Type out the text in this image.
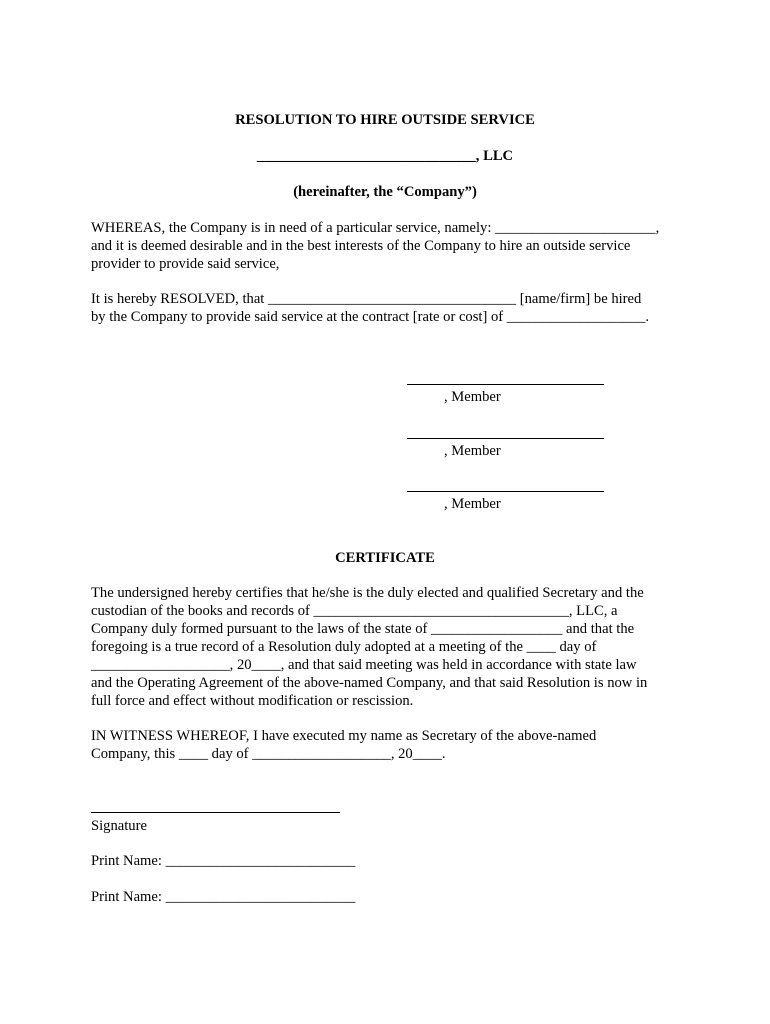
RESOLUTION TO HIRE OUTSIDE SERVICE
______________________________, LLC
(hereinafter, the “Company”)
WHEREAS, the Company is in need of a particular service, namely: ______________________,
and it is deemed desirable and in the best interests of the Company to hire an outside service
provider to provide said service,
It is hereby RESOLVED, that __________________________________ [name/firm] be hired
by the Company to provide said service at the contract [rate or cost] of ___________________.
, Member
, Member
, Member
CERTIFICATE
The undersigned hereby certifies that he/she is the duly elected and qualified Secretary and the
custodian of the books and records of ___________________________________, LLC, a
Company duly formed pursuant to the laws of the state of __________________ and that the
foregoing is a true record of a Resolution duly adopted at a meeting of the ____ day of
___________________, 20____, and that said meeting was held in accordance with state law
and the Operating Agreement of the above-named Company, and that said Resolution is now in
full force and effect without modification or rescission.
IN WITNESS WHEREOF, I have executed my name as Secretary of the above-named
Company, this ____ day of ___________________, 20____.
Signature
Print Name: __________________________
Print Name: __________________________
